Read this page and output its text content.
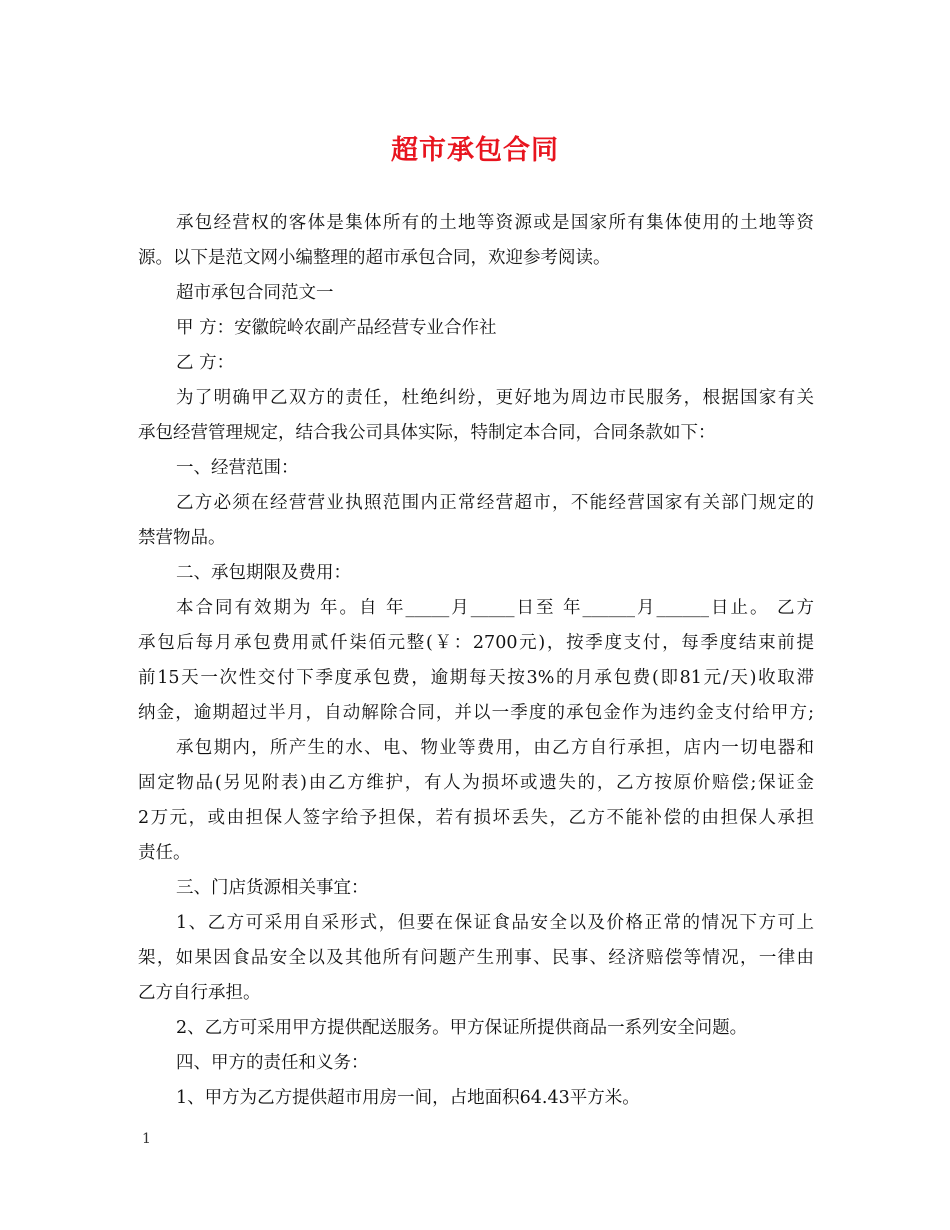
超市承包合同
承包经营权的客体是集体所有的土地等资源或是国家所有集体使用的土地等资
源。以下是范文网小编整理的超市承包合同，欢迎参考阅读。
超市承包合同范文一
甲 方：安徽皖岭农副产品经营专业合作社
乙 方：
为了明确甲乙双方的责任，杜绝纠纷，更好地为周边市民服务，根据国家有关
承包经营管理规定，结合我公司具体实际，特制定本合同，合同条款如下：
一、经营范围：
乙方必须在经营营业执照范围内正常经营超市，不能经营国家有关部门规定的
禁营物品。
二、承包期限及费用：
本合同有效期为 年。自 年_____月_____日至 年______月______日止。 乙方
承包后每月承包费用贰仟柒佰元整(￥：2700元)，按季度支付，每季度结束前提
前15天一次性交付下季度承包费，逾期每天按3%的月承包费(即81元/天)收取滞
纳金，逾期超过半月，自动解除合同，并以一季度的承包金作为违约金支付给甲方;
承包期内，所产生的水、电、物业等费用，由乙方自行承担，店内一切电器和
固定物品(另见附表)由乙方维护，有人为损坏或遗失的，乙方按原价赔偿;保证金
2万元，或由担保人签字给予担保，若有损坏丢失，乙方不能补偿的由担保人承担
责任。
三、门店货源相关事宜：
1、乙方可采用自采形式，但要在保证食品安全以及价格正常的情况下方可上
架，如果因食品安全以及其他所有问题产生刑事、民事、经济赔偿等情况，一律由
乙方自行承担。
2、乙方可采用甲方提供配送服务。甲方保证所提供商品一系列安全问题。
四、甲方的责任和义务：
1、甲方为乙方提供超市用房一间，占地面积64.43平方米。
1
